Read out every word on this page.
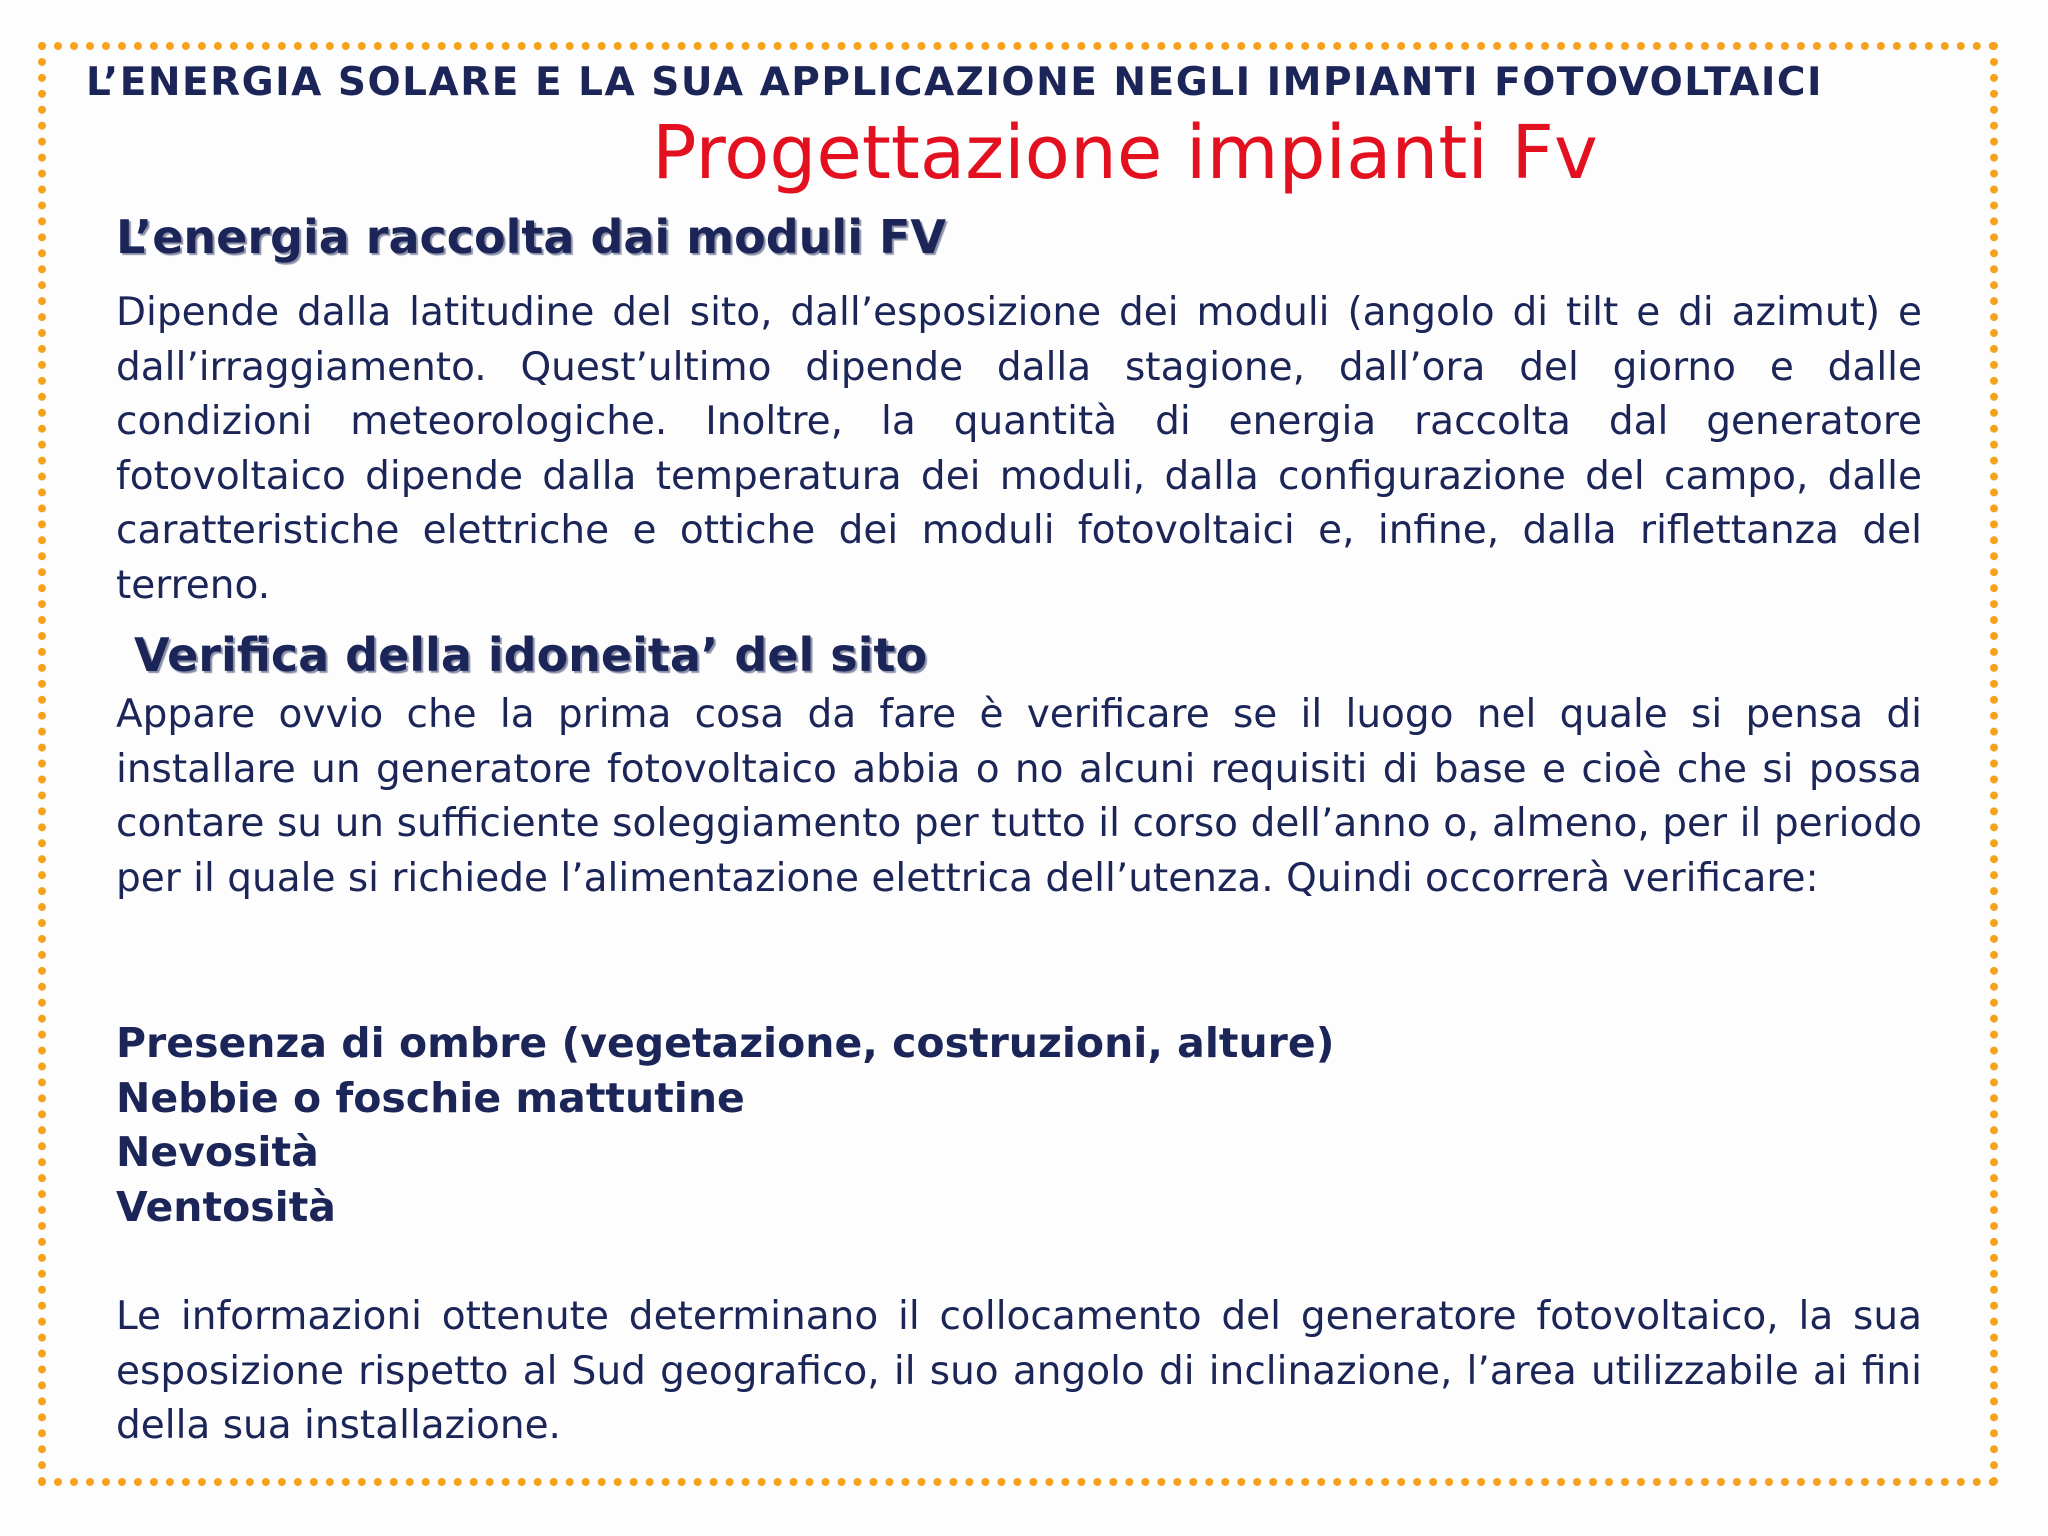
L’ENERGIA SOLARE E LA SUA APPLICAZIONE NEGLI IMPIANTI FOTOVOLTAICI
Progettazione impianti Fv
L’energia raccolta dai moduli FV

Dipende dalla latitudine del sito, dall’esposizione dei moduli (angolo di tilt e di azimut) e dall’irraggiamento. Quest’ultimo dipende dalla stagione, dall’ora del giorno e dalle condizioni meteorologiche. Inoltre, la quantità di energia raccolta dal generatore fotovoltaico dipende dalla temperatura dei moduli, dalla configurazione del campo, dalle caratteristiche elettriche e ottiche dei moduli fotovoltaici e, infine, dalla riflettanza del terreno.

Verifica della idoneita’ del sito

Appare ovvio che la prima cosa da fare è verificare se il luogo nel quale si pensa di installare un generatore fotovoltaico abbia o no alcuni requisiti di base e cioè che si possa contare su un sufficiente soleggiamento per tutto il corso dell’anno o, almeno, per il periodo per il quale si richiede l’alimentazione elettrica dell’utenza. Quindi occorrerà verificare:

Presenza di ombre (vegetazione, costruzioni, alture)
Nebbie o foschie mattutine
Nevosità
Ventosità

Le informazioni ottenute determinano il collocamento del generatore fotovoltaico, la sua esposizione rispetto al Sud geografico, il suo angolo di inclinazione, l’area utilizzabile ai fini della sua installazione.
